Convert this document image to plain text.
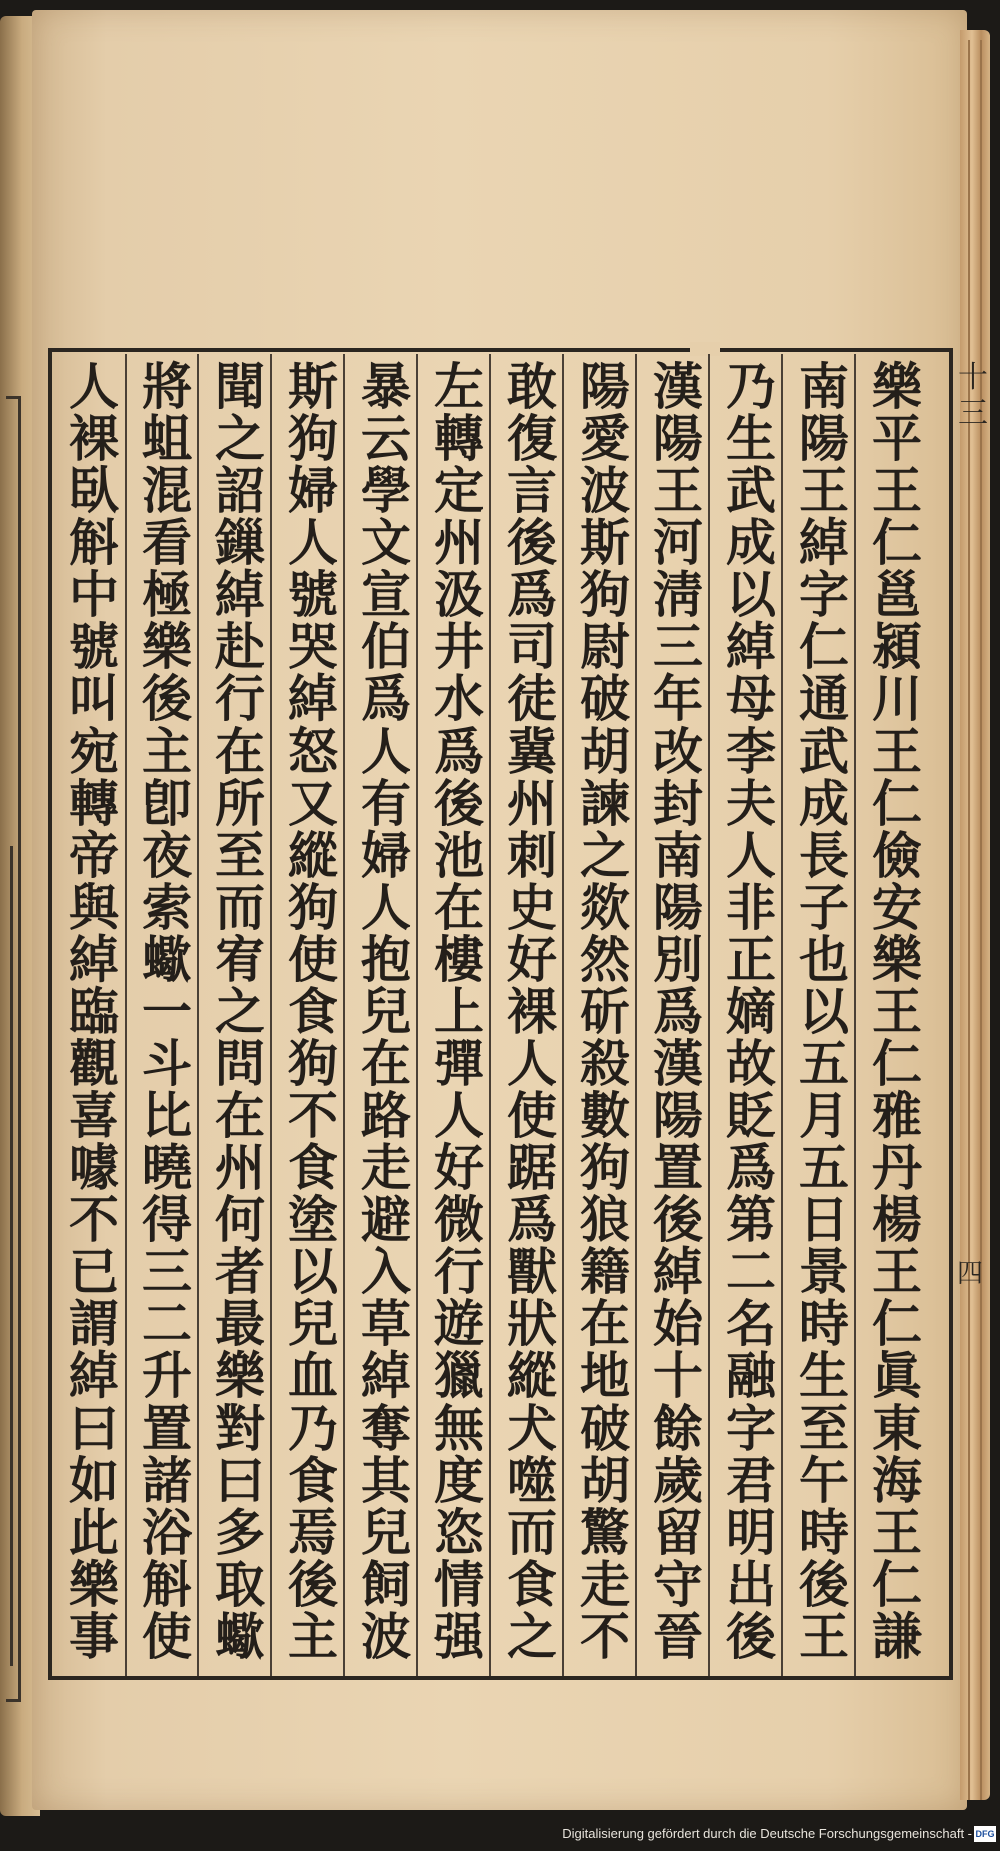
樂
平
王
仁
邕
潁
川
王
仁
儉
安
樂
王
仁
雅
丹
楊
王
仁
眞
東
海
王
仁
謙
南
陽
王
綽
字
仁
通
武
成
長
子
也
以
五
月
五
日
景
時
生
至
午
時
後
王
乃
生
武
成
以
綽
母
李
夫
人
非
正
嫡
故
貶
爲
第
二
名
融
字
君
明
出
後
漢
陽
王
河
淸
三
年
改
封
南
陽
別
爲
漢
陽
置
後
綽
始
十
餘
歲
留
守
晉
陽
愛
波
斯
狗
尉
破
胡
諫
之
欻
然
斫
殺
數
狗
狼
籍
在
地
破
胡
驚
走
不
敢
復
言
後
爲
司
徒
冀
州
刺
史
好
裸
人
使
踞
爲
獸
狀
縱
犬
噬
而
食
之
左
轉
定
州
汲
井
水
爲
後
池
在
樓
上
彈
人
好
微
行
遊
獵
無
度
恣
情
强
暴
云
學
文
宣
伯
爲
人
有
婦
人
抱
兒
在
路
走
避
入
草
綽
奪
其
兒
飼
波
斯
狗
婦
人
號
哭
綽
怒
又
縱
狗
使
食
狗
不
食
塗
以
兒
血
乃
食
焉
後
主
聞
之
詔
鏁
綽
赴
行
在
所
至
而
宥
之
問
在
州
何
者
最
樂
對
曰
多
取
蠍
將
蛆
混
看
極
樂
後
主
卽
夜
索
蠍
一
斗
比
曉
得
三
二
升
置
諸
浴
斛
使
人
裸
臥
斛
中
號
叫
宛
轉
帝
與
綽
臨
觀
喜
噱
不
已
謂
綽
曰
如
此
樂
事
十
三
四
Digitalisierung gefördert durch die Deutsche Forschungsgemeinschaft - DFG
